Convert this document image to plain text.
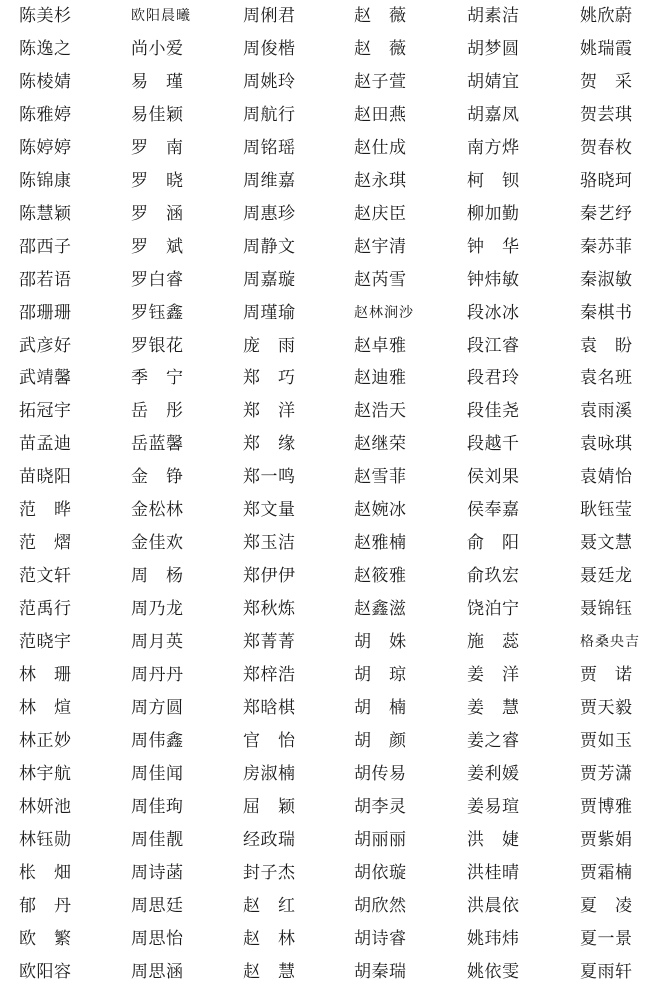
陈美杉	欧阳晨曦	周俐君	赵　薇	胡素洁	姚欣蔚
陈逸之	尚小爱	周俊楷	赵　薇	胡梦圆	姚瑞霞
陈棱婧	易　瑾	周姚玲	赵子萱	胡婧宜	贺　采
陈雅婷	易佳颖	周航行	赵田燕	胡嘉凤	贺芸琪
陈婷婷	罗　南	周铭瑶	赵仕成	南方烨	贺春枚
陈锦康	罗　晓	周维嘉	赵永琪	柯　钡	骆晓珂
陈慧颖	罗　涵	周惠珍	赵庆臣	柳加勤	秦艺纾
邵西子	罗　斌	周静文	赵宇清	钟　华	秦苏菲
邵若语	罗白睿	周嘉璇	赵芮雪	钟炜敏	秦淑敏
邵珊珊	罗钰鑫	周瑾瑜	赵林涧沙	段冰冰	秦棋书
武彦好	罗银花	庞　雨	赵卓雅	段江睿	袁　盼
武靖馨	季　宁	郑　巧	赵迪雅	段君玲	袁名班
拓冠宇	岳　彤	郑　洋	赵浩天	段佳尧	袁雨溪
苗孟迪	岳蓝馨	郑　缘	赵继荣	段越千	袁咏琪
苗晓阳	金　铮	郑一鸣	赵雪菲	侯刘果	袁婧怡
范　晔	金松林	郑文量	赵婉冰	侯奉嘉	耿钰莹
范　熠	金佳欢	郑玉洁	赵雅楠	俞　阳	聂文慧
范文轩	周　杨	郑伊伊	赵筱雅	俞玖宏	聂廷龙
范禹行	周乃龙	郑秋炼	赵鑫滋	饶泊宁	聂锦钰
范晓宇	周月英	郑菁菁	胡　姝	施　蕊	格桑央吉
林　珊	周丹丹	郑梓浩	胡　琼	姜　洋	贾　诺
林　煊	周方圆	郑晗棋	胡　楠	姜　慧	贾天毅
林正妙	周伟鑫	官　怡	胡　颜	姜之睿	贾如玉
林宇航	周佳闻	房淑楠	胡传易	姜利媛	贾芳潇
林妍池	周佳珣	屈　颖	胡李灵	姜易瑄	贾博雅
林钰勋	周佳靓	经政瑞	胡丽丽	洪　婕	贾紫娟
枨　畑	周诗菡	封子杰	胡依璇	洪桂晴	贾霜楠
郁　丹	周思廷	赵　红	胡欣然	洪晨依	夏　凌
欧　繁	周思怡	赵　林	胡诗睿	姚玮炜	夏一景
欧阳容	周思涵	赵　慧	胡秦瑞	姚依雯	夏雨轩
